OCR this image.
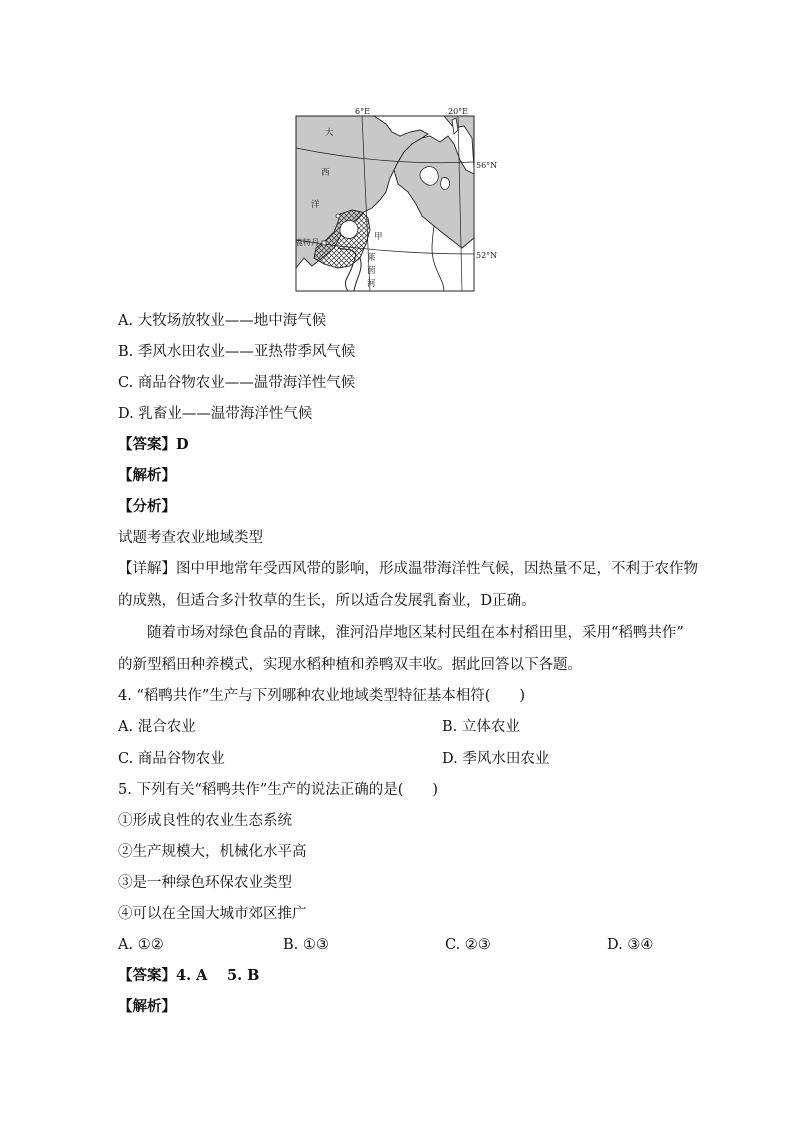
6°E	20°E
56°N
52°N
大
西
洋
鹿特丹
甲
莱
茵
河
A. 大牧场放牧业——地中海气候
B. 季风水田农业——亚热带季风气候
C. 商品谷物农业——温带海洋性气候
D. 乳畜业——温带海洋性气候
【答案】D
【解析】
【分析】
试题考查农业地域类型
【详解】图中甲地常年受西风带的影响，形成温带海洋性气候，因热量不足，不利于农作物
的成熟，但适合多汁牧草的生长，所以适合发展乳畜业，D正确。
随着市场对绿色食品的青睐，淮河沿岸地区某村民组在本村稻田里，采用“稻鸭共作”
的新型稻田种养模式，实现水稻种植和养鸭双丰收。据此回答以下各题。
4. “稻鸭共作”生产与下列哪种农业地域类型特征基本相符(　　)
A. 混合农业	B. 立体农业
C. 商品谷物农业	D. 季风水田农业
5. 下列有关“稻鸭共作”生产的说法正确的是(　　)
①形成良性的农业生态系统
②生产规模大，机械化水平高
③是一种绿色环保农业类型
④可以在全国大城市郊区推广
A. ①②	B. ①③	C. ②③	D. ③④
【答案】4. A　 5. B
【解析】
